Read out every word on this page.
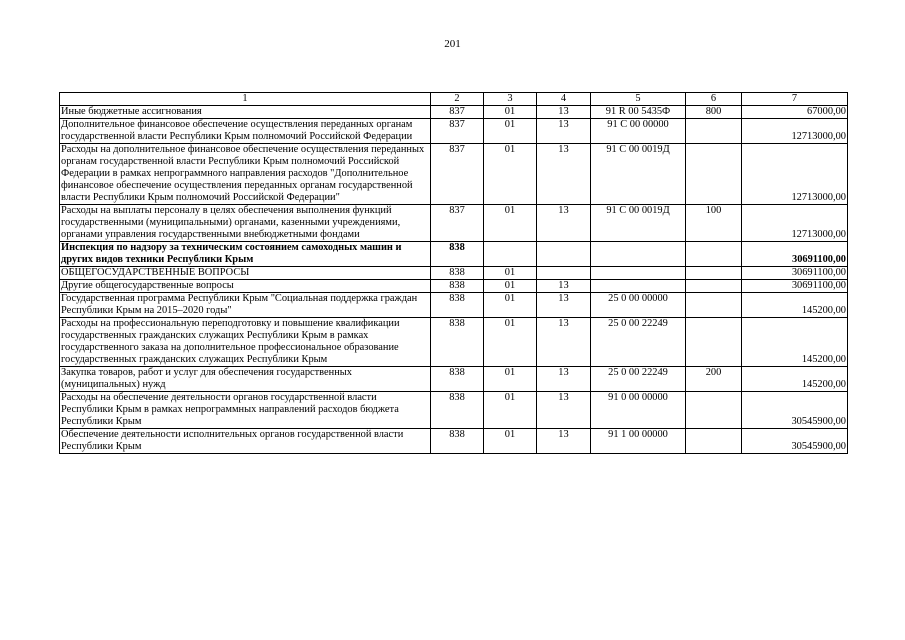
201
1	2	3	4	5	6	7
Иные бюджетные ассигнования	837	01	13	91 R 00 5435Ф	800	67000,00
Дополнительное финансовое обеспечение осуществления переданных органам государственной власти Республики Крым полномочий Российской Федерации	837	01	13	91 С 00 00000		12713000,00
Расходы на дополнительное финансовое обеспечение осуществления переданных органам государственной власти Республики Крым полномочий Российской Федерации в рамках непрограммного направления расходов "Дополнительное финансовое обеспечение осуществления переданных органам государственной власти Республики Крым полномочий Российской Федерации"	837	01	13	91 С 00 0019Д		12713000,00
Расходы на выплаты персоналу в целях обеспечения выполнения функций государственными (муниципальными) органами, казенными учреждениями, органами управления государственными внебюджетными фондами	837	01	13	91 С 00 0019Д	100	12713000,00
Инспекция по надзору за техническим состоянием самоходных машин и других видов техники Республики Крым	838					30691100,00
ОБЩЕГОСУДАРСТВЕННЫЕ ВОПРОСЫ	838	01				30691100,00
Другие общегосударственные вопросы	838	01	13			30691100,00
Государственная программа Республики Крым "Социальная поддержка граждан Республики Крым на 2015–2020 годы"	838	01	13	25 0 00 00000		145200,00
Расходы на профессиональную переподготовку и повышение квалификации государственных гражданских служащих Республики Крым в рамках государственного заказа на дополнительное профессиональное образование государственных гражданских служащих Республики Крым	838	01	13	25 0 00 22249		145200,00
Закупка товаров, работ и услуг для обеспечения государственных (муниципальных) нужд	838	01	13	25 0 00 22249	200	145200,00
Расходы на обеспечение деятельности органов государственной власти Республики Крым в рамках непрограммных направлений расходов бюджета Республики Крым	838	01	13	91 0 00 00000		30545900,00
Обеспечение деятельности исполнительных органов государственной власти Республики Крым	838	01	13	91 1 00 00000		30545900,00
